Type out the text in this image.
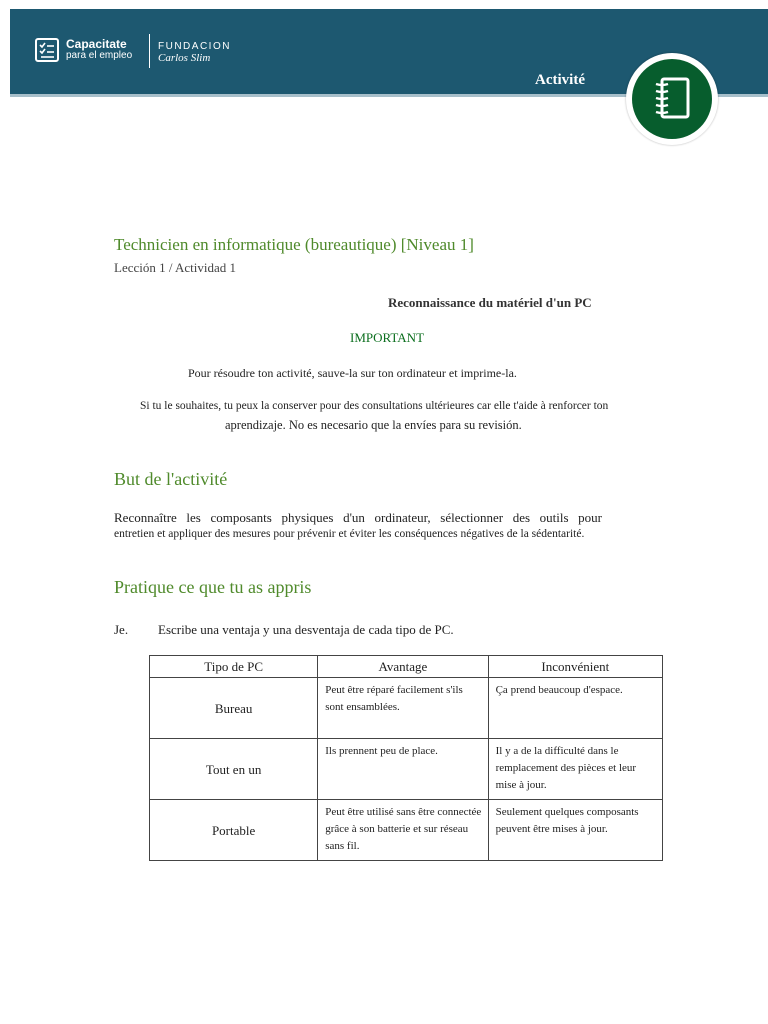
Capacitate
para el empleo
FUNDACION
Carlos Slim
Activité
Technicien en informatique (bureautique) [Niveau 1]
Lección 1 / Actividad 1
Reconnaissance du matériel d'un PC
IMPORTANT
Pour résoudre ton activité, sauve-la sur ton ordinateur et imprime-la.
Si tu le souhaites, tu peux la conserver pour des consultations ultérieures car elle t'aide à renforcer ton
aprendizaje. No es necesario que la envíes para su revisión.
But de l'activité
Reconnaître les composants physiques d'un ordinateur, sélectionner des outils pour
entretien et appliquer des mesures pour prévenir et éviter les conséquences négatives de la sédentarité.
Pratique ce que tu as appris
Je. Escribe una ventaja y una desventaja de cada tipo de PC.
Tipo de PC	Avantage	Inconvénient
Bureau	Peut être réparé facilement s'ils sont ensamblées.	Ça prend beaucoup d'espace.
Tout en un	Ils prennent peu de place.	Il y a de la difficulté dans le remplacement des pièces et leur mise à jour.
Portable	Peut être utilisé sans être connectée grâce à son batterie et sur réseau sans fil.	Seulement quelques composants peuvent être mises à jour.
